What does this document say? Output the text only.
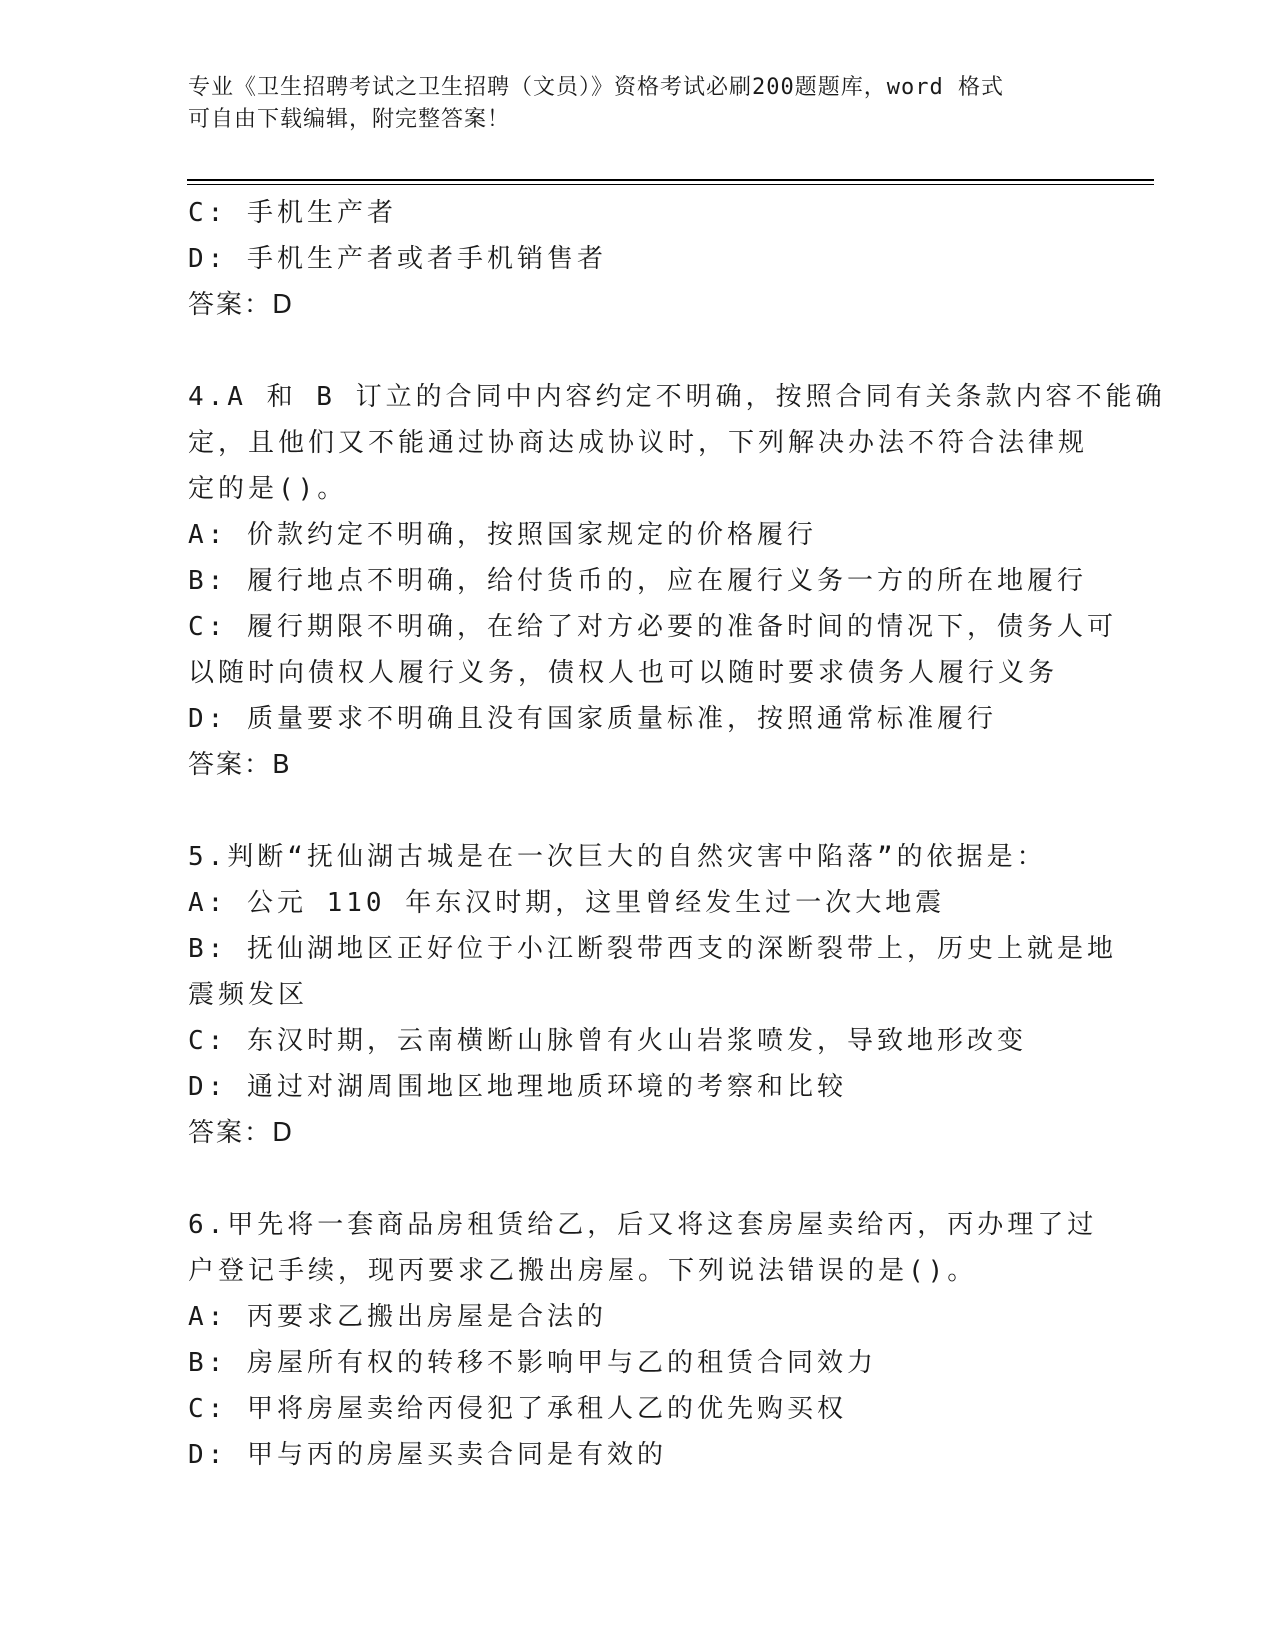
专业《卫生招聘考试之卫生招聘（文员）》资格考试必刷200题题库，word 格式
可自由下载编辑，附完整答案！
C: 手机生产者
D: 手机生产者或者手机销售者
答案：D
4.A 和 B 订立的合同中内容约定不明确，按照合同有关条款内容不能确
定，且他们又不能通过协商达成协议时，下列解决办法不符合法律规
定的是()。
A: 价款约定不明确，按照国家规定的价格履行
B: 履行地点不明确，给付货币的，应在履行义务一方的所在地履行
C: 履行期限不明确，在给了对方必要的准备时间的情况下，债务人可
以随时向债权人履行义务，债权人也可以随时要求债务人履行义务
D: 质量要求不明确且没有国家质量标准，按照通常标准履行
答案：B
5.判断“抚仙湖古城是在一次巨大的自然灾害中陷落”的依据是：
A: 公元 110 年东汉时期，这里曾经发生过一次大地震
B: 抚仙湖地区正好位于小江断裂带西支的深断裂带上，历史上就是地
震频发区
C: 东汉时期，云南横断山脉曾有火山岩浆喷发，导致地形改变
D: 通过对湖周围地区地理地质环境的考察和比较
答案：D
6.甲先将一套商品房租赁给乙，后又将这套房屋卖给丙，丙办理了过
户登记手续，现丙要求乙搬出房屋。下列说法错误的是()。
A: 丙要求乙搬出房屋是合法的
B: 房屋所有权的转移不影响甲与乙的租赁合同效力
C: 甲将房屋卖给丙侵犯了承租人乙的优先购买权
D: 甲与丙的房屋买卖合同是有效的
